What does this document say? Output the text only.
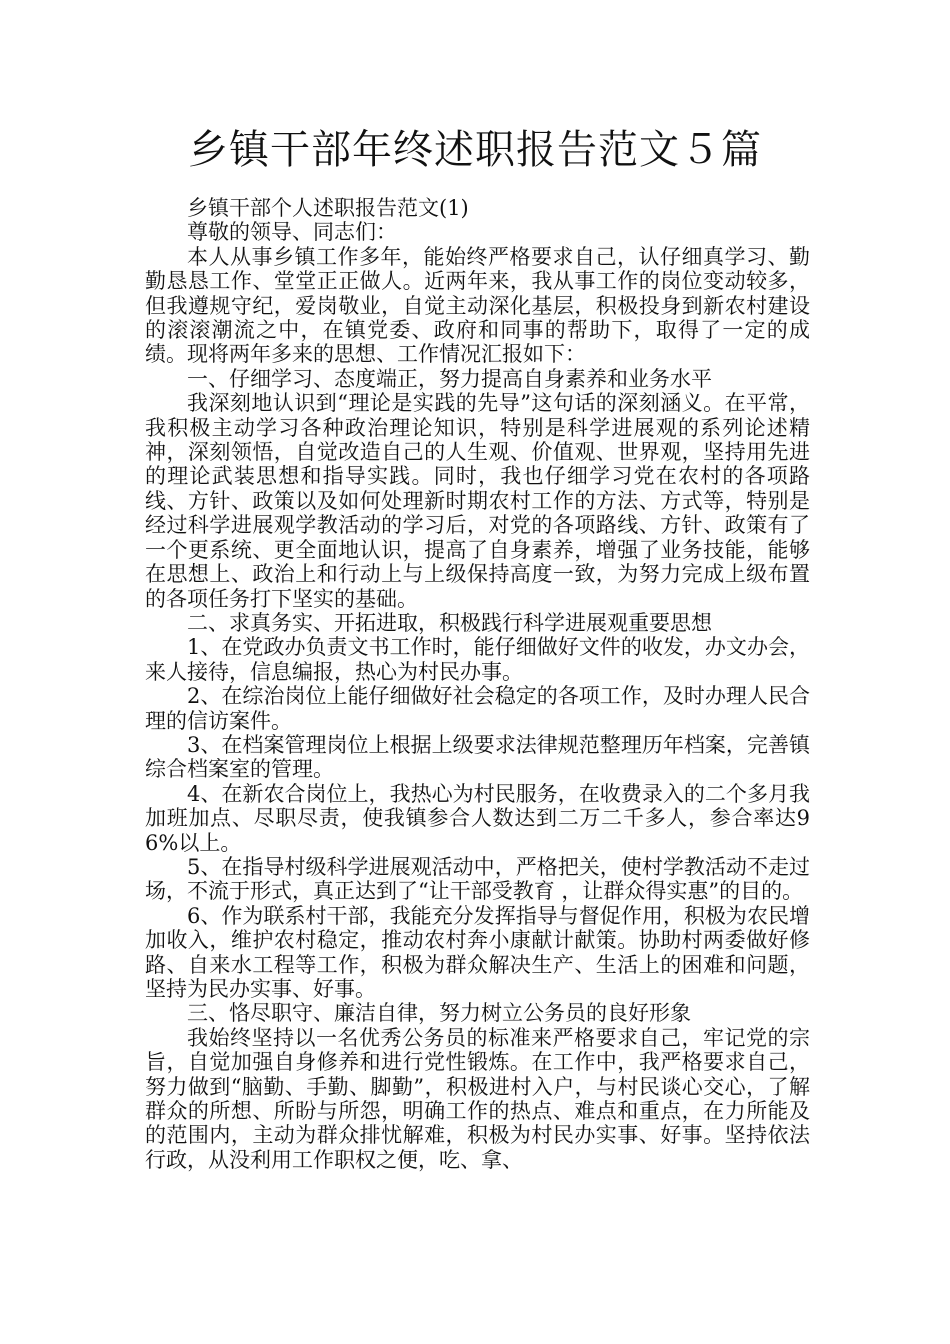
乡镇干部年终述职报告范文５篇

乡镇干部个人述职报告范文(1)

尊敬的领导、同志们：

本人从事乡镇工作多年，能始终严格要求自己，认仔细真学习、勤勤恳恳工作、堂堂正正做人。近两年来，我从事工作的岗位变动较多，但我遵规守纪，爱岗敬业，自觉主动深化基层，积极投身到新农村建设的滚滚潮流之中，在镇党委、政府和同事的帮助下，取得了一定的成绩。现将两年多来的思想、工作情况汇报如下：

一、仔细学习、态度端正，努力提高自身素养和业务水平

我深刻地认识到“理论是实践的先导”这句话的深刻涵义。在平常，我积极主动学习各种政治理论知识，特别是科学进展观的系列论述精神，深刻领悟，自觉改造自己的人生观、价值观、世界观，坚持用先进的理论武装思想和指导实践。同时，我也仔细学习党在农村的各项路线、方针、政策以及如何处理新时期农村工作的方法、方式等，特别是经过科学进展观学教活动的学习后，对党的各项路线、方针、政策有了一个更系统、更全面地认识，提高了自身素养，增强了业务技能，能够在思想上、政治上和行动上与上级保持高度一致，为努力完成上级布置的各项任务打下坚实的基础。

二、求真务实、开拓进取，积极践行科学进展观重要思想

1、在党政办负责文书工作时，能仔细做好文件的收发，办文办会，来人接待，信息编报，热心为村民办事。

2、在综治岗位上能仔细做好社会稳定的各项工作，及时办理人民合理的信访案件。

3、在档案管理岗位上根据上级要求法律规范整理历年档案，完善镇综合档案室的管理。

4、在新农合岗位上，我热心为村民服务，在收费录入的二个多月我加班加点、尽职尽责，使我镇参合人数达到二万二千多人，参合率达96%以上。

5、在指导村级科学进展观活动中，严格把关，使村学教活动不走过场，不流于形式，真正达到了“让干部受教育 ，让群众得实惠”的目的。

6、作为联系村干部，我能充分发挥指导与督促作用，积极为农民增加收入，维护农村稳定，推动农村奔小康献计献策。协助村两委做好修路、自来水工程等工作，积极为群众解决生产、生活上的困难和问题，坚持为民办实事、好事。

三、恪尽职守、廉洁自律，努力树立公务员的良好形象

我始终坚持以一名优秀公务员的标准来严格要求自己，牢记党的宗旨，自觉加强自身修养和进行党性锻炼。在工作中，我严格要求自己，努力做到“脑勤、手勤、脚勤”，积极进村入户，与村民谈心交心，了解群众的所想、所盼与所怨，明确工作的热点、难点和重点，在力所能及的范围内，主动为群众排忧解难，积极为村民办实事、好事。坚持依法行政，从没利用工作职权之便，吃、拿、
